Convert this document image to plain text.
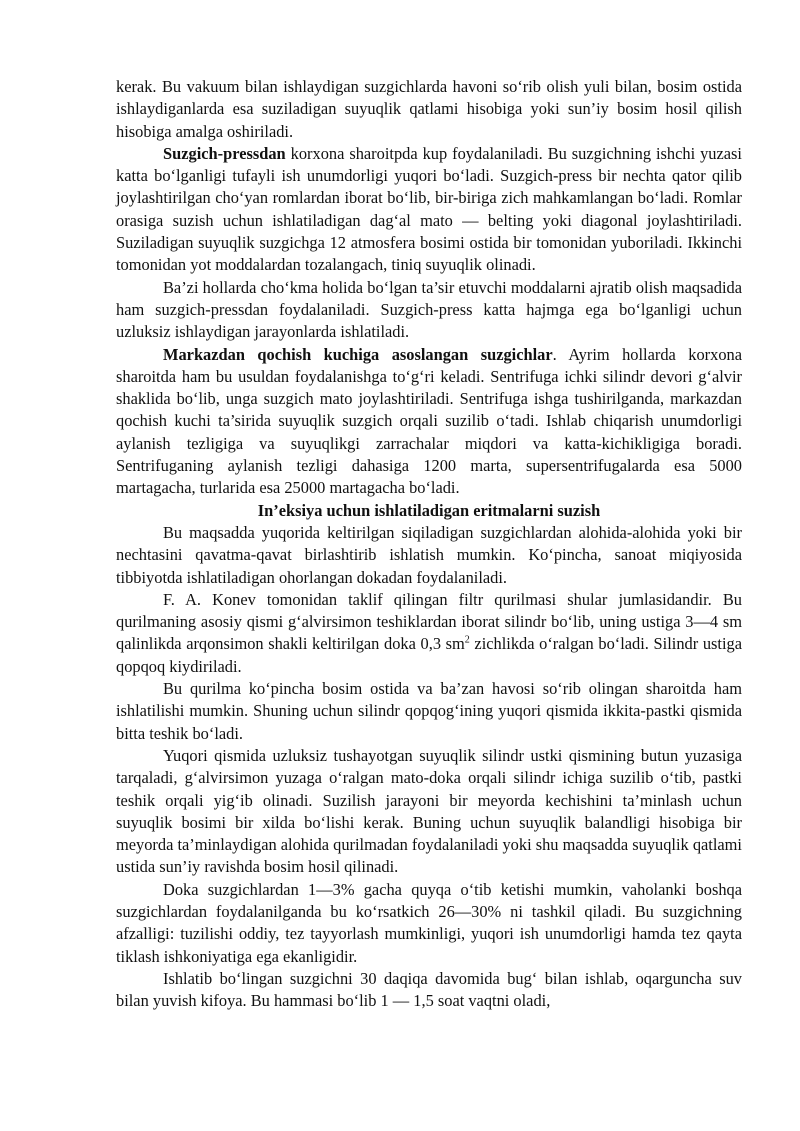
kerak. Bu vakuum bilan ishlaydigan suzgichlarda havoni so‘rib olish yuli bilan, bosim ostida ishlaydiganlarda esa suziladigan suyuqlik qatlami hisobiga yoki sun’iy bosim hosil qilish hisobiga amalga oshiriladi.

Suzgich-pressdan korxona sharoitpda kup foydalaniladi. Bu suzgichning ishchi yuzasi katta bo‘lganligi tufayli ish unumdorligi yuqori bo‘ladi. Suzgich-press bir nechta qator qilib joylashtirilgan cho‘yan romlardan iborat bo‘lib, bir-biriga zich mahkamlangan bo‘ladi. Romlar orasiga suzish uchun ishlatiladigan dag‘al mato — belting yoki diagonal joylashtiriladi. Suziladigan suyuqlik suzgichga 12 atmosfera bosimi ostida bir tomonidan yuboriladi. Ikkinchi tomonidan yot moddalardan tozalangach, tiniq suyuqlik olinadi.

Ba’zi hollarda cho‘kma holida bo‘lgan ta’sir etuvchi moddalarni ajratib olish maqsadida ham suzgich-pressdan foydalaniladi. Suzgich-press katta hajmga ega bo‘lganligi uchun uzluksiz ishlaydigan jarayonlarda ishlatiladi.

Markazdan qochish kuchiga asoslangan suzgichlar. Ayrim hollarda korxona sharoitda ham bu usuldan foydalanishga to‘g‘ri keladi. Sentrifuga ichki silindr devori g‘alvir shaklida bo‘lib, unga suzgich mato joylashtiriladi. Sentrifuga ishga tushirilganda, markazdan qochish kuchi ta’sirida suyuqlik suzgich orqali suzilib o‘tadi. Ishlab chiqarish unumdorligi aylanish tezligiga va suyuqlikgi zarrachalar miqdori va katta-kichikligiga boradi. Sentrifuganing aylanish tezligi dahasiga 1200 marta, supersentrifugalarda esa 5000 martagacha, turlarida esa 25000 martagacha bo‘ladi.

In’eksiya uchun ishlatiladigan eritmalarni suzish

Bu maqsadda yuqorida keltirilgan siqiladigan suzgichlardan alohida-alohida yoki bir nechtasini qavatma-qavat birlashtirib ishlatish mumkin. Ko‘pincha, sanoat miqiyosida tibbiyotda ishlatiladigan ohorlangan dokadan foydalaniladi.

F. A. Konev tomonidan taklif qilingan filtr qurilmasi shular jumlasidandir. Bu qurilmaning asosiy qismi g‘alvirsimon teshiklardan iborat silindr bo‘lib, uning ustiga 3—4 sm qalinlikda arqonsimon shakli keltirilgan doka 0,3 $sm^2$ zichlikda o‘ralgan bo‘ladi. Silindr ustiga qopqoq kiydiriladi.

Bu qurilma ko‘pincha bosim ostida va ba’zan havosi so‘rib olingan sharoitda ham ishlatilishi mumkin. Shuning uchun silindr qopqog‘ining yuqori qismida ikkita-pastki qismida bitta teshik bo‘ladi.

Yuqori qismida uzluksiz tushayotgan suyuqlik silindr ustki qismining butun yuzasiga tarqaladi, g‘alvirsimon yuzaga o‘ralgan mato-doka orqali silindr ichiga suzilib o‘tib, pastki teshik orqali yig‘ib olinadi. Suzilish jarayoni bir meyorda kechishini ta’minlash uchun suyuqlik bosimi bir xilda bo‘lishi kerak. Buning uchun suyuqlik balandligi hisobiga bir meyorda ta’minlaydigan alohida qurilmadan foydalaniladi yoki shu maqsadda suyuqlik qatlami ustida sun’iy ravishda bosim hosil qilinadi.

Doka suzgichlardan 1—3% gacha quyqa o‘tib ketishi mumkin, vaholanki boshqa suzgichlardan foydalanilganda bu ko‘rsatkich 26—30% ni tashkil qiladi. Bu suzgichning afzalligi: tuzilishi oddiy, tez tayyorlash mumkinligi, yuqori ish unumdorligi hamda tez qayta tiklash ishkoniyatiga ega ekanligidir.

Ishlatib bo‘lingan suzgichni 30 daqiqa davomida bug‘ bilan ishlab, oqarguncha suv bilan yuvish kifoya. Bu hammasi bo‘lib 1 — 1,5 soat vaqtni oladi,
